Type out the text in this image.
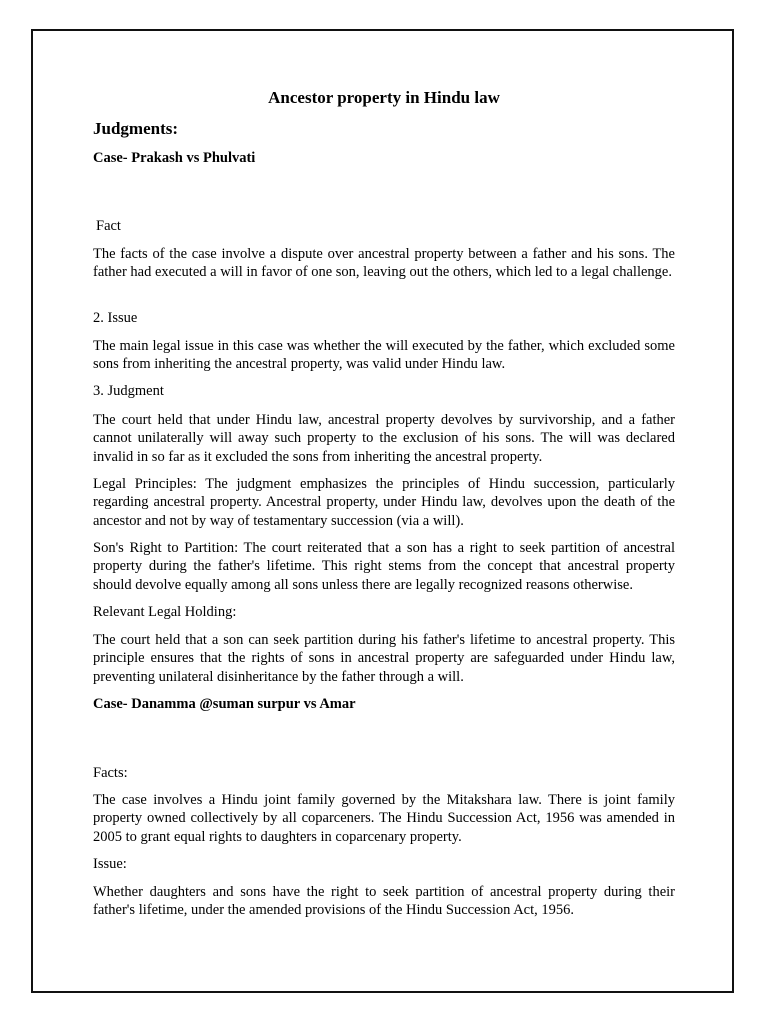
Ancestor property in Hindu law
Judgments:
Case- Prakash vs Phulvati

Fact

The facts of the case involve a dispute over ancestral property between a father and his sons. The father had executed a will in favor of one son, leaving out the others, which led to a legal challenge.

2. Issue

The main legal issue in this case was whether the will executed by the father, which excluded some sons from inheriting the ancestral property, was valid under Hindu law.

3. Judgment

The court held that under Hindu law, ancestral property devolves by survivorship, and a father cannot unilaterally will away such property to the exclusion of his sons. The will was declared invalid in so far as it excluded the sons from inheriting the ancestral property.

Legal Principles: The judgment emphasizes the principles of Hindu succession, particularly regarding ancestral property. Ancestral property, under Hindu law, devolves upon the death of the ancestor and not by way of testamentary succession (via a will).

Son's Right to Partition: The court reiterated that a son has a right to seek partition of ancestral property during the father's lifetime. This right stems from the concept that ancestral property should devolve equally among all sons unless there are legally recognized reasons otherwise.

Relevant Legal Holding:

The court held that a son can seek partition during his father's lifetime to ancestral property. This principle ensures that the rights of sons in ancestral property are safeguarded under Hindu law, preventing unilateral disinheritance by the father through a will.

Case- Danamma @suman surpur vs Amar

Facts:

The case involves a Hindu joint family governed by the Mitakshara law. There is joint family property owned collectively by all coparceners. The Hindu Succession Act, 1956 was amended in 2005 to grant equal rights to daughters in coparcenary property.

Issue:

Whether daughters and sons have the right to seek partition of ancestral property during their father's lifetime, under the amended provisions of the Hindu Succession Act, 1956.
